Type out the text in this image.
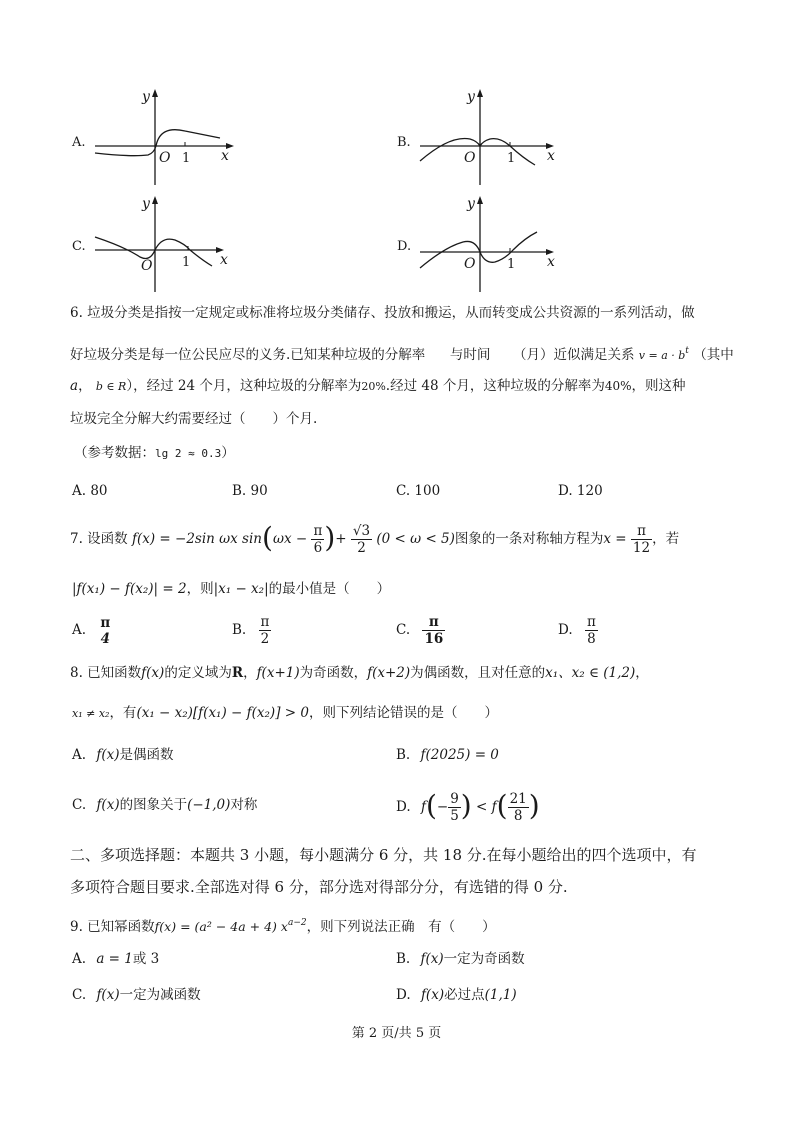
A.
y
O 1 x
B.
y
O 1 x
C.
y
O 1 x
D.
y
O 1 x
6. 垃圾分类是指按一定规定或标准将垃圾分类储存、投放和搬运，从而转变成公共资源的一系列活动，做
好垃圾分类是每一位公民应尽的义务.已知某种垃圾的分解率 与时间 （月）近似满足关系 $v = a \cdot b^t$ （其中
a， b ∈ R），经过 24 个月，这种垃圾的分解率为20%.经过 48 个月，这种垃圾的分解率为40%，则这种
垃圾完全分解大约需要经过（　　）个月.
（参考数据：lg 2 ≈ 0.3）
A. 80	B. 90	C. 100	D. 120
7. 设函数 f(x) = −2sin ωx $\sin(\omega x - \frac{\pi}{6}$ )+ $\frac{√3}{2} (0 < \omega < 5)$图象的一条对称轴方程为$x = \frac{\pi}{12}$ ，若
|f(x₁) − f(x₂)| = 2，则|x₁ − x₂|的最小值是（　　）
A. π
4
B. $\frac{\pi}{2}$	C. $\frac{\pi}{16}$	D. $\frac{\pi}{8}$
8. 已知函数f(x)的定义域为R，f(x+1)为奇函数，f(x+2)为偶函数，且对任意的x₁、x₂ ∈ (1,2)，
x₁ ≠ x₂，有(x₁ − x₂)[f(x₁) − f(x₂)] > 0，则下列结论错误的是（　　）
A. f(x)是偶函数	B. f(2025) = 0
C. f(x)的图象关于(−1,0)对称	D. $f(- \frac{9}{5}$ ) < $f( \frac{21}{8}$ )
二、多项选择题：本题共 3 小题，每小题满分 6 分，共 18 分.在每小题给出的四个选项中，有
多项符合题目要求.全部选对得 6 分，部分选对得部分分，有选错的得 0 分.
9. 已知幂函数f(x) = (a² − 4a + 4) $x^{a-2}$，则下列说法正确　有（　　）
A. a = 1或 3	B. f(x)一定为奇函数
C. f(x)一定为减函数	D. f(x)必过点(1,1)
第 2 页/共 5 页
